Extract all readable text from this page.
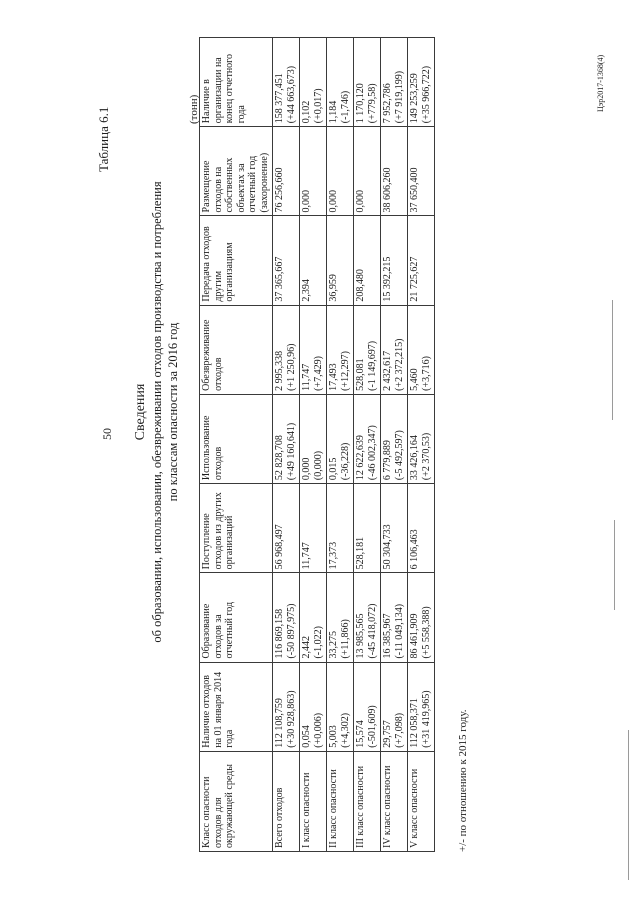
50
Таблица 6.1
Сведения об образовании, использовании, обезвреживании отходов производства и потребления по классам опасности за 2016 год
(тонн)
Класс опасности отходов для окружающей среды	Наличие отходов на 01 января 2014 года	Образование отходов за отчетный год	Поступление отходов из других организаций	Использование отходов	Обезвреживание отходов	Передача отходов другим организациям	Размещение отходов на собственных объектах за отчетный год (захоронение)	Наличие в организации на конец отчетного года
Всего отходов	112 108,759 (+30 928,863)	116 869,158 (-50 897,975)	56 968,497	52 828,708 (+49 160,641)	2 995,338 (+1 250,96)	37 365,667	76 256,660	158 377,451 (+44 663,673)

I класс опасности	0,054 (+0,006)	2,442 (-1,022)	11,747	0,000 (0,000)	11,747 (+7,429)	2,394	0,000	0,102 (+0,017)

II класс опасности	5,003 (+4,302)	33,275 (+11,866)	17,373	0,015 (-36,228)	17,493 (+12,297)	36,959	0,000	1,184 (-1,746)

III класс опасности	15,574 (-501,609)	13 985,565 (-45 418,072)	528,181	12 622,639 (-46 002,347)	528,081 (-1 149,697)	208,480	0,000	1 170,120 (+779,58)

IV класс опасности	29,757 (+7,098)	16 385,967 (-11 049,134)	50 304,733	6 779,889 (-5 492,597)	2 432,617 (+2 372,215)	15 392,215	38 606,260	7 952,786 (+7 919,199)

V класс опасности	112 058,371 (+31 419,965)	86 461,909 (+5 558,388)	6 106,463	33 426,164 (+2 370,53)	5,460 (+3,716)	21 725,627	37 650,400	149 253,259 (+35 966,722)
+/- по отношению к 2015 году.
Цэр2017-1368(4)
